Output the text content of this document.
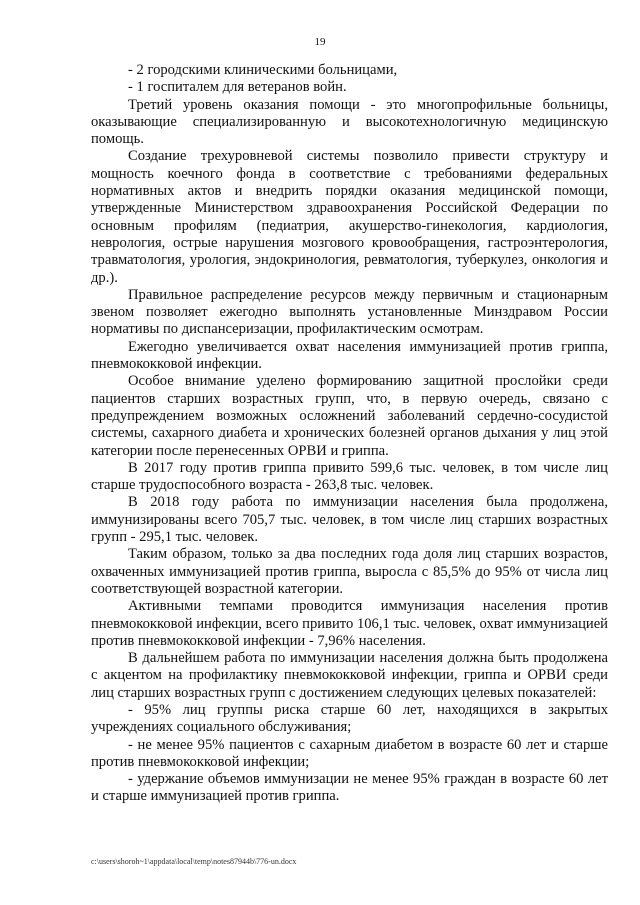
19

- 2 городскими клиническими больницами,

- 1 госпиталем для ветеранов войн.

Третий уровень оказания помощи - это многопрофильные больницы, оказывающие специализированную и высокотехнологичную медицинскую помощь.

Создание трехуровневой системы позволило привести структуру и мощность коечного фонда в соответствие с требованиями федеральных нормативных актов и внедрить порядки оказания медицинской помощи, утвержденные Министерством здравоохранения Российской Федерации по основным профилям (педиатрия, акушерство-гинекология, кардиология, неврология, острые нарушения мозгового кровообращения, гастроэнтерология, травматология, урология, эндокринология, ревматология, туберкулез, онкология и др.).

Правильное распределение ресурсов между первичным и стационарным звеном позволяет ежегодно выполнять установленные Минздравом России нормативы по диспансеризации, профилактическим осмотрам.

Ежегодно увеличивается охват населения иммунизацией против гриппа, пневмококковой инфекции.

Особое внимание уделено формированию защитной прослойки среди пациентов старших возрастных групп, что, в первую очередь, связано с предупреждением возможных осложнений заболеваний сердечно-сосудистой системы, сахарного диабета и хронических болезней органов дыхания у лиц этой категории после перенесенных ОРВИ и гриппа.

В 2017 году против гриппа привито 599,6 тыс. человек, в том числе лиц старше трудоспособного возраста - 263,8 тыс. человек.

В 2018 году работа по иммунизации населения была продолжена, иммунизированы всего 705,7 тыс. человек, в том числе лиц старших возрастных групп - 295,1 тыс. человек.

Таким образом, только за два последних года доля лиц старших возрастов, охваченных иммунизацией против гриппа, выросла с 85,5% до 95% от числа лиц соответствующей возрастной категории.

Активными темпами проводится иммунизация населения против пневмококковой инфекции, всего привито 106,1 тыс. человек, охват иммунизацией против пневмококковой инфекции - 7,96% населения.

В дальнейшем работа по иммунизации населения должна быть продолжена с акцентом на профилактику пневмококковой инфекции, гриппа и ОРВИ среди лиц старших возрастных групп с достижением следующих целевых показателей:

- 95% лиц группы риска старше 60 лет, находящихся в закрытых учреждениях социального обслуживания;

- не менее 95% пациентов с сахарным диабетом в возрасте 60 лет и старше против пневмококковой инфекции;

- удержание объемов иммунизации не менее 95% граждан в возрасте 60 лет и старше иммунизацией против гриппа.

c:\users\shoroh~1\appdata\local\temp\notes87944b\776-un.docx
